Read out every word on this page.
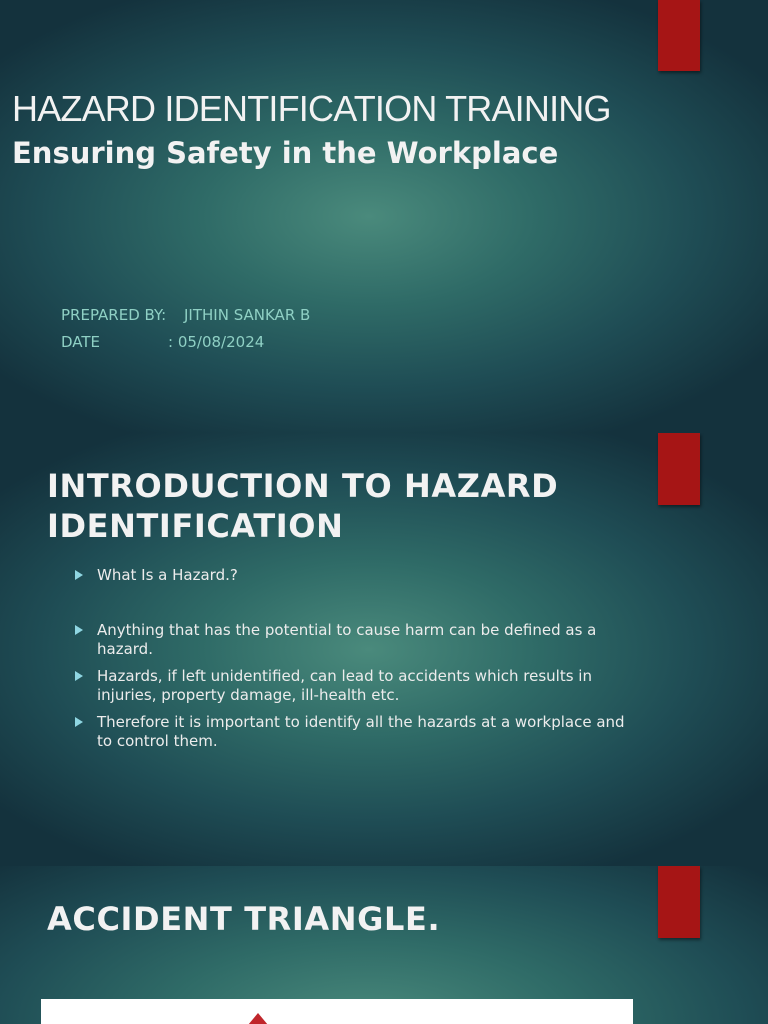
HAZARD IDENTIFICATION TRAINING
Ensuring Safety in the Workplace
PREPARED BY: JITHIN SANKAR B
DATE	: 05/08/2024
INTRODUCTION TO HAZARD IDENTIFICATION
What Is a Hazard.?
Anything that has the potential to cause harm can be defined as a hazard.
Hazards, if left unidentified, can lead to accidents which results in injuries, property damage, ill-health etc.
Therefore it is important to identify all the hazards at a workplace and to control them.
ACCIDENT TRIANGLE.
